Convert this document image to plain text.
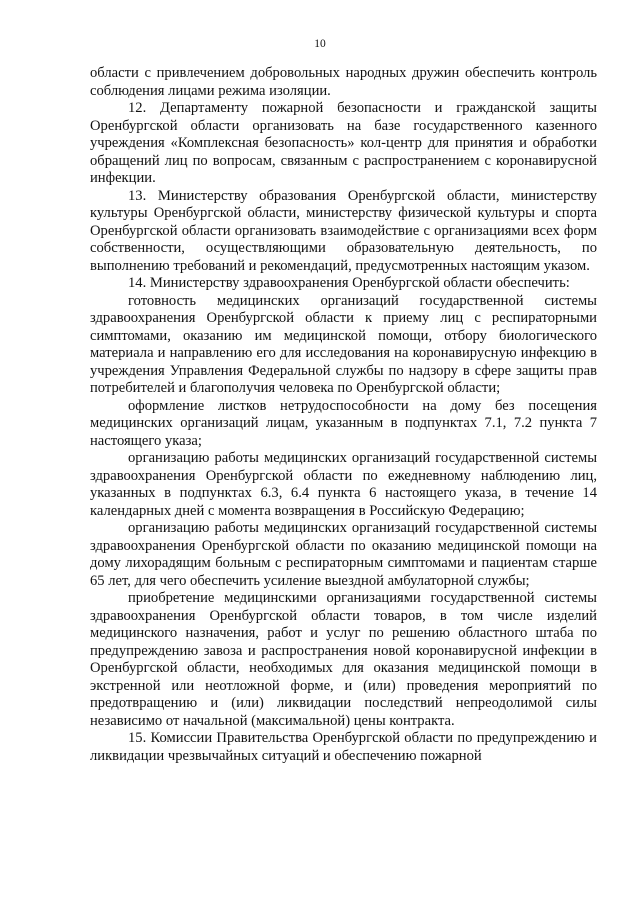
10

области с привлечением добровольных народных дружин обеспечить контроль соблюдения лицами режима изоляции.

12. Департаменту пожарной безопасности и гражданской защиты Оренбургской области организовать на базе государственного казенного учреждения «Комплексная безопасность» кол-центр для принятия и обработки обращений лиц по вопросам, связанным с распространением с коронавирусной инфекции.

13. Министерству образования Оренбургской области, министерству культуры Оренбургской области, министерству физической культуры и спорта Оренбургской области организовать взаимодействие с организациями всех форм собственности, осуществляющими образовательную деятельность, по выполнению требований и рекомендаций, предусмотренных настоящим указом.

14. Министерству здравоохранения Оренбургской области обеспечить:

готовность медицинских организаций государственной системы здравоохранения Оренбургской области к приему лиц с респираторными симптомами, оказанию им медицинской помощи, отбору биологического материала и направлению его для исследования на коронавирусную инфекцию в учреждения Управления Федеральной службы по надзору в сфере защиты прав потребителей и благополучия человека по Оренбургской области;

оформление листков нетрудоспособности на дому без посещения медицинских организаций лицам, указанным в подпунктах 7.1, 7.2 пункта 7 настоящего указа;

организацию работы медицинских организаций государственной системы здравоохранения Оренбургской области по ежедневному наблюдению лиц, указанных в подпунктах 6.3, 6.4 пункта 6 настоящего указа, в течение 14 календарных дней с момента возвращения в Российскую Федерацию;

организацию работы медицинских организаций государственной системы здравоохранения Оренбургской области по оказанию медицинской помощи на дому лихорадящим больным с респираторным симптомами и пациентам старше 65 лет, для чего обеспечить усиление выездной амбулаторной службы;

приобретение медицинскими организациями государственной системы здравоохранения Оренбургской области товаров, в том числе изделий медицинского назначения, работ и услуг по решению областного штаба по предупреждению завоза и распространения новой коронавирусной инфекции в Оренбургской области, необходимых для оказания медицинской помощи в экстренной или неотложной форме, и (или) проведения мероприятий по предотвращению и (или) ликвидации последствий непреодолимой силы независимо от начальной (максимальной) цены контракта.

15. Комиссии Правительства Оренбургской области по предупреждению и ликвидации чрезвычайных ситуаций и обеспечению пожарной
